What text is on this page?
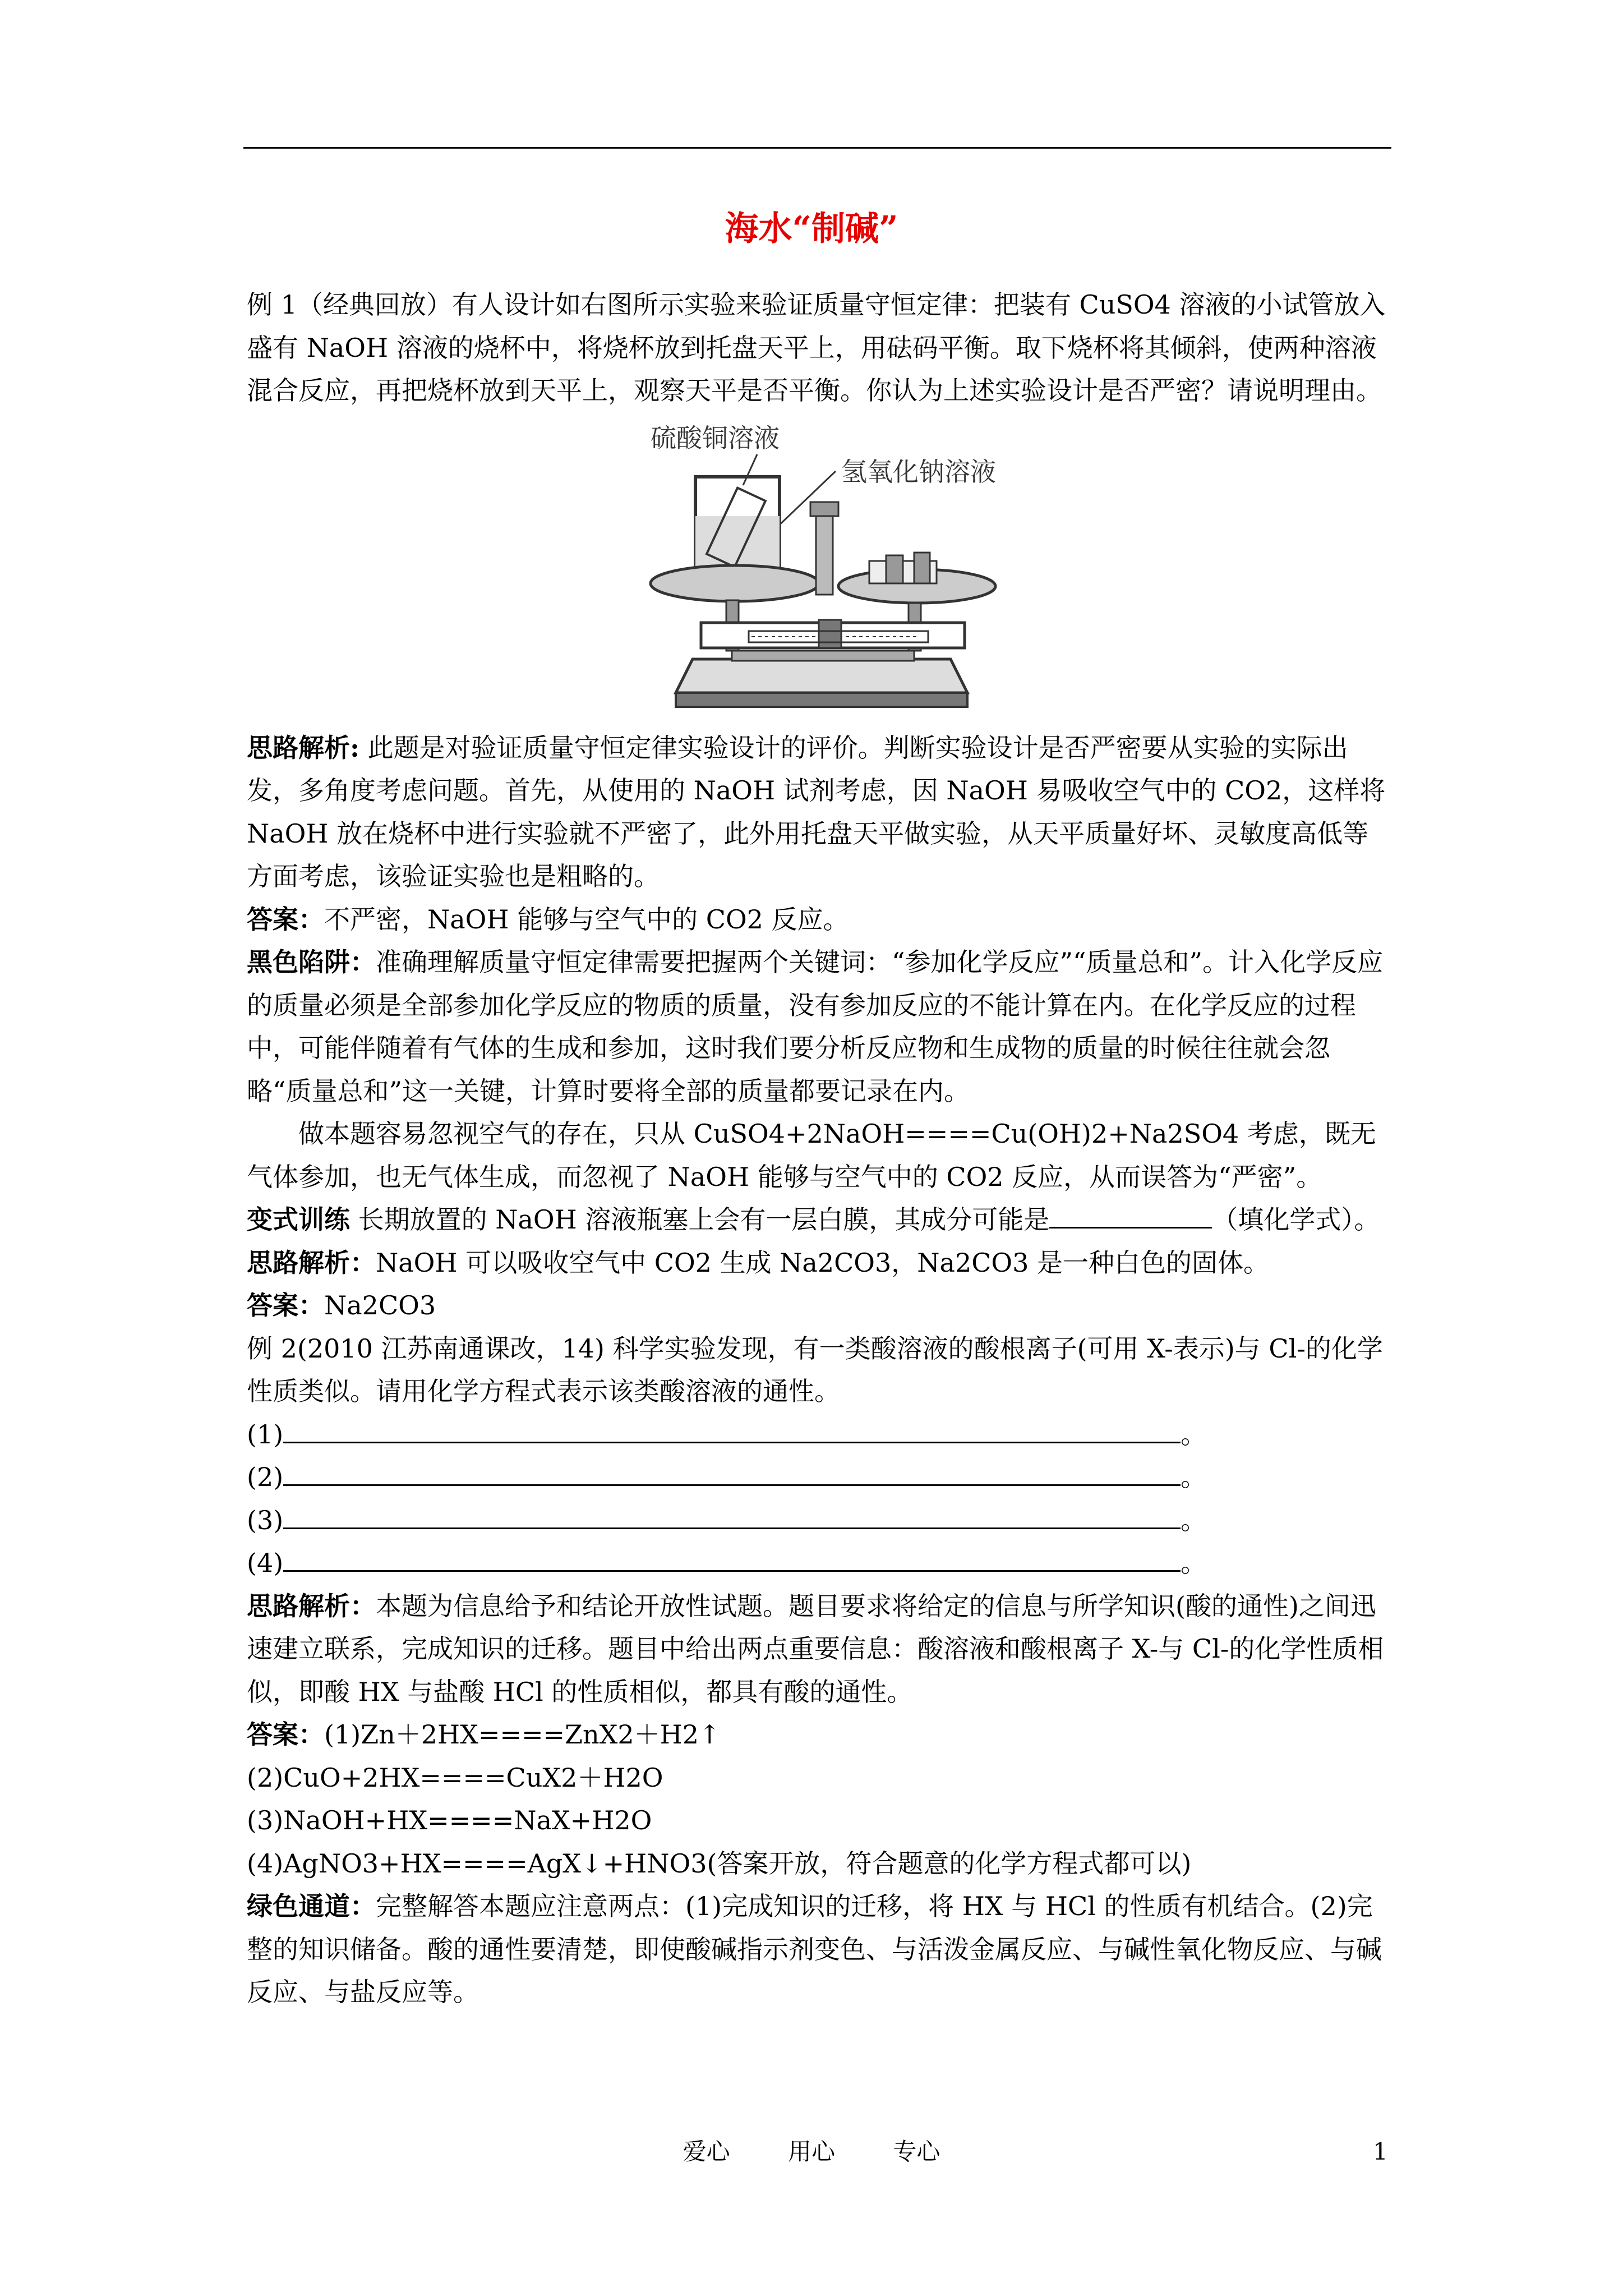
海水“制碱”

例 1（经典回放）有人设计如右图所示实验来验证质量守恒定律：把装有 CuSO4 溶液的小试管放入盛有 NaOH 溶液的烧杯中，将烧杯放到托盘天平上，用砝码平衡。取下烧杯将其倾斜，使两种溶液混合反应，再把烧杯放到天平上，观察天平是否平衡。你认为上述实验设计是否严密？请说明理由。

硫酸铜溶液
氢氧化钠溶液

思路解析: 此题是对验证质量守恒定律实验设计的评价。判断实验设计是否严密要从实验的实际出发，多角度考虑问题。首先，从使用的 NaOH 试剂考虑，因 NaOH 易吸收空气中的 CO2，这样将 NaOH 放在烧杯中进行实验就不严密了，此外用托盘天平做实验，从天平质量好坏、灵敏度高低等方面考虑，该验证实验也是粗略的。

答案：不严密，NaOH 能够与空气中的 CO2 反应。

黑色陷阱：准确理解质量守恒定律需要把握两个关键词：“参加化学反应”“质量总和”。计入化学反应的质量必须是全部参加化学反应的物质的质量，没有参加反应的不能计算在内。在化学反应的过程中，可能伴随着有气体的生成和参加，这时我们要分析反应物和生成物的质量的时候往往就会忽略“质量总和”这一关键，计算时要将全部的质量都要记录在内。

做本题容易忽视空气的存在，只从 CuSO4+2NaOH====Cu(OH)2+Na2SO4 考虑，既无气体参加，也无气体生成，而忽视了 NaOH 能够与空气中的 CO2 反应，从而误答为“严密”。

变式训练 长期放置的 NaOH 溶液瓶塞上会有一层白膜，其成分可能是	（填化学式）。

思路解析：NaOH 可以吸收空气中 CO2 生成 Na2CO3，Na2CO3 是一种白色的固体。

答案：Na2CO3

例 2(2010 江苏南通课改，14) 科学实验发现，有一类酸溶液的酸根离子(可用 X-表示)与 Cl-的化学性质类似。请用化学方程式表示该类酸溶液的通性。

(1)	。

(2)	。

(3)	。

(4)	。

思路解析：本题为信息给予和结论开放性试题。题目要求将给定的信息与所学知识(酸的通性)之间迅速建立联系，完成知识的迁移。题目中给出两点重要信息：酸溶液和酸根离子 X-与 Cl-的化学性质相似，即酸 HX 与盐酸 HCl 的性质相似，都具有酸的通性。

答案：(1)Zn＋2HX====ZnX2＋H2↑

(2)CuO+2HX====CuX2＋H2O

(3)NaOH+HX====NaX+H2O

(4)AgNO3+HX====AgX↓+HNO3(答案开放，符合题意的化学方程式都可以)

绿色通道：完整解答本题应注意两点：(1)完成知识的迁移，将 HX 与 HCl 的性质有机结合。(2)完整的知识储备。酸的通性要清楚，即使酸碱指示剂变色、与活泼金属反应、与碱性氧化物反应、与碱反应、与盐反应等。

爱心 用心 专心	1
